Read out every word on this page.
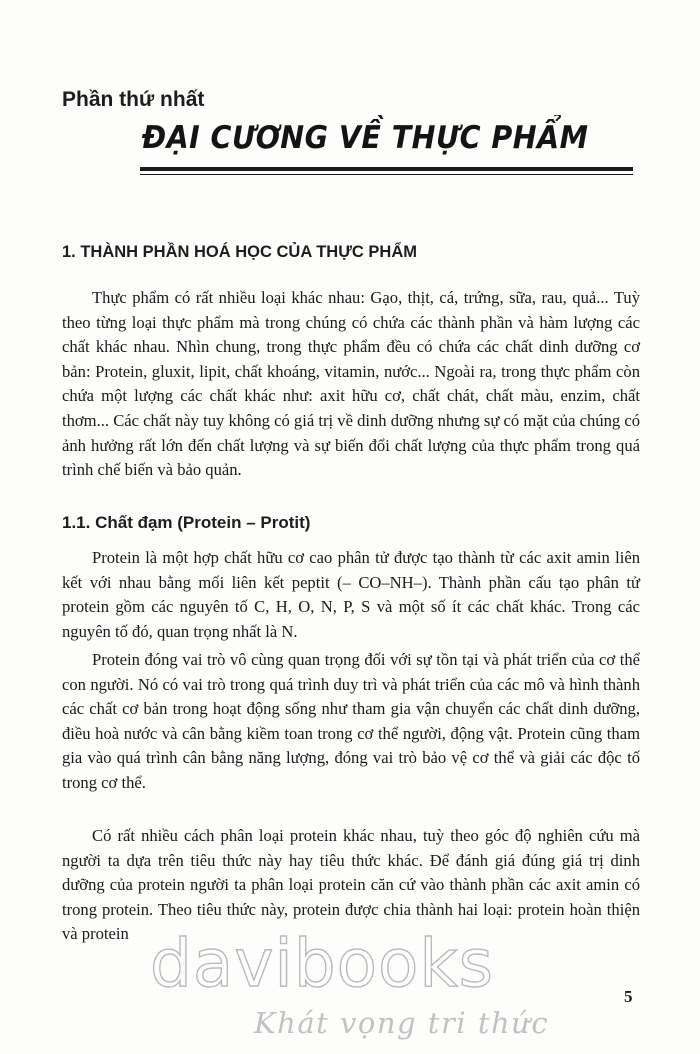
Phần thứ nhất
ĐẠI CƯƠNG VỀ THỰC PHẨM
1. THÀNH PHẦN HOÁ HỌC CỦA THỰC PHẨM

Thực phẩm có rất nhiều loại khác nhau: Gạo, thịt, cá, trứng, sữa, rau, quả... Tuỳ theo từng loại thực phẩm mà trong chúng có chứa các thành phần và hàm lượng các chất khác nhau. Nhìn chung, trong thực phẩm đều có chứa các chất dinh dưỡng cơ bản: Protein, gluxit, lipit, chất khoáng, vitamin, nước... Ngoài ra, trong thực phẩm còn chứa một lượng các chất khác như: axit hữu cơ, chất chát, chất màu, enzim, chất thơm... Các chất này tuy không có giá trị về dinh dưỡng nhưng sự có mặt của chúng có ảnh hưởng rất lớn đến chất lượng và sự biến đổi chất lượng của thực phẩm trong quá trình chế biến và bảo quản.

1.1. Chất đạm (Protein – Protit)

Protein là một hợp chất hữu cơ cao phân tử được tạo thành từ các axit amin liên kết với nhau bằng mối liên kết peptit (– CO–NH–). Thành phần cấu tạo phân tử protein gồm các nguyên tố C, H, O, N, P, S và một số ít các chất khác. Trong các nguyên tố đó, quan trọng nhất là N.

Protein đóng vai trò vô cùng quan trọng đối với sự tồn tại và phát triển của cơ thể con người. Nó có vai trò trong quá trình duy trì và phát triển của các mô và hình thành các chất cơ bản trong hoạt động sống như tham gia vận chuyển các chất dinh dưỡng, điều hoà nước và cân bằng kiềm toan trong cơ thể người, động vật. Protein cũng tham gia vào quá trình cân bằng năng lượng, đóng vai trò bảo vệ cơ thể và giải các độc tố trong cơ thể.

Có rất nhiều cách phân loại protein khác nhau, tuỳ theo góc độ nghiên cứu mà người ta dựa trên tiêu thức này hay tiêu thức khác. Để đánh giá đúng giá trị dinh dưỡng của protein người ta phân loại protein căn cứ vào thành phần các axit amin có trong protein. Theo tiêu thức này, protein được chia thành hai loại: protein hoàn thiện và protein davibooks
Khát vọng tri thức
5
